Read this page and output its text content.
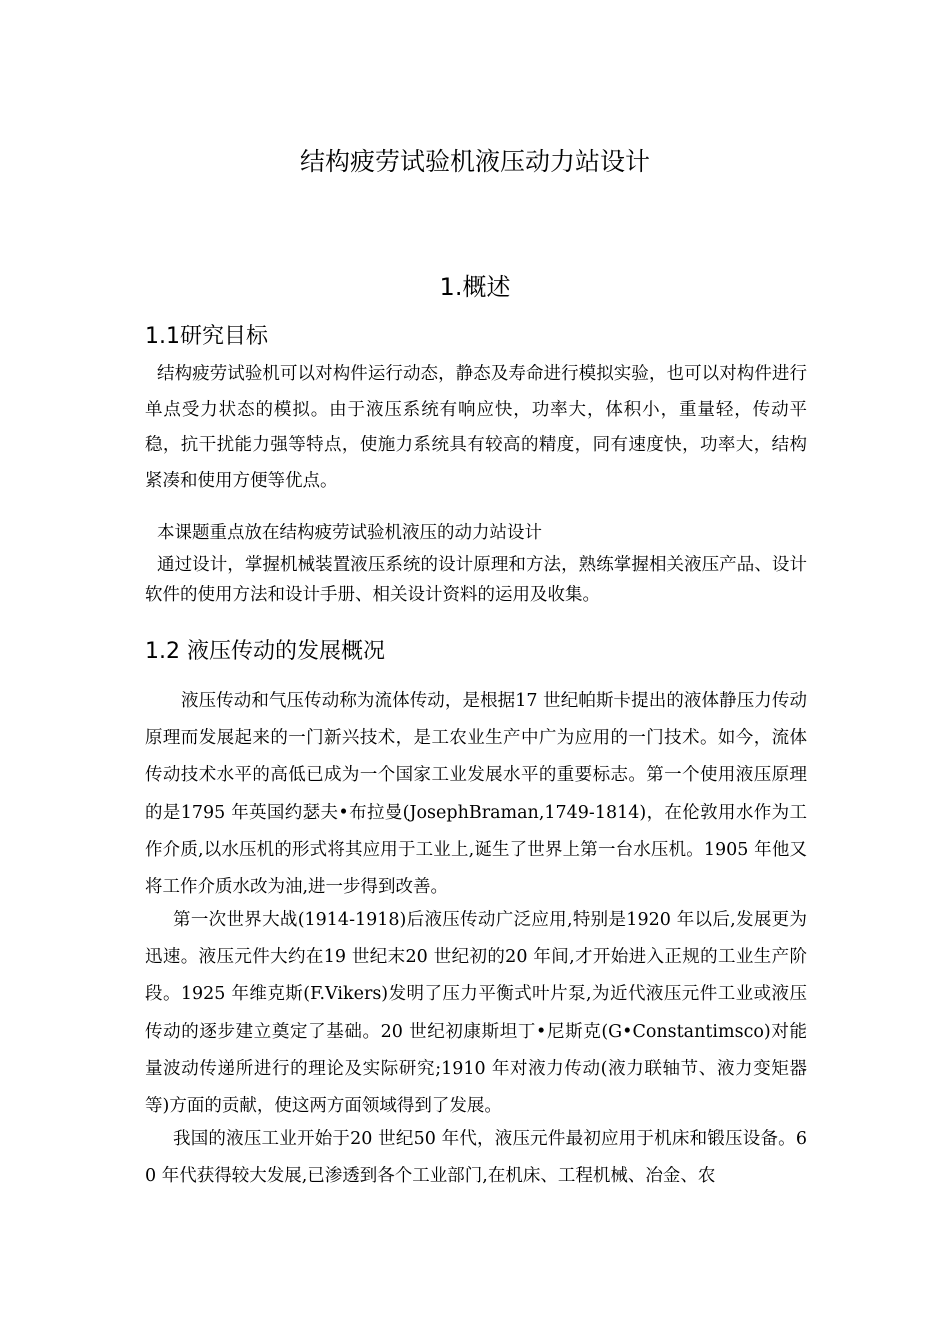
结构疲劳试验机液压动力站设计
1.概述
1.1研究目标

结构疲劳试验机可以对构件运行动态，静态及寿命进行模拟实验，也可以对构件进行单点受力状态的模拟。由于液压系统有响应快，功率大，体积小，重量轻，传动平稳，抗干扰能力强等特点，使施力系统具有较高的精度，同有速度快，功率大，结构紧凑和使用方便等优点。

本课题重点放在结构疲劳试验机液压的动力站设计

通过设计，掌握机械装置液压系统的设计原理和方法，熟练掌握相关液压产品、设计软件的使用方法和设计手册、相关设计资料的运用及收集。

1.2 液压传动的发展概况

液压传动和气压传动称为流体传动，是根据17 世纪帕斯卡提出的液体静压力传动原理而发展起来的一门新兴技术，是工农业生产中广为应用的一门技术。如今，流体传动技术水平的高低已成为一个国家工业发展水平的重要标志。第一个使用液压原理的是1795 年英国约瑟夫•布拉曼(JosephBraman,1749-1814)，在伦敦用水作为工作介质,以水压机的形式将其应用于工业上,诞生了世界上第一台水压机。1905 年他又将工作介质水改为油,进一步得到改善。

第一次世界大战(1914-1918)后液压传动广泛应用,特别是1920 年以后,发展更为迅速。液压元件大约在19 世纪末20 世纪初的20 年间,才开始进入正规的工业生产阶段。1925 年维克斯(F.Vikers)发明了压力平衡式叶片泵,为近代液压元件工业或液压传动的逐步建立奠定了基础。20 世纪初康斯坦丁•尼斯克(G•Constantimsco)对能量波动传递所进行的理论及实际研究;1910 年对液力传动(液力联轴节、液力变矩器等)方面的贡献，使这两方面领域得到了发展。

我国的液压工业开始于20 世纪50 年代，液压元件最初应用于机床和锻压设备。60 年代获得较大发展,已渗透到各个工业部门,在机床、工程机械、冶金、农
